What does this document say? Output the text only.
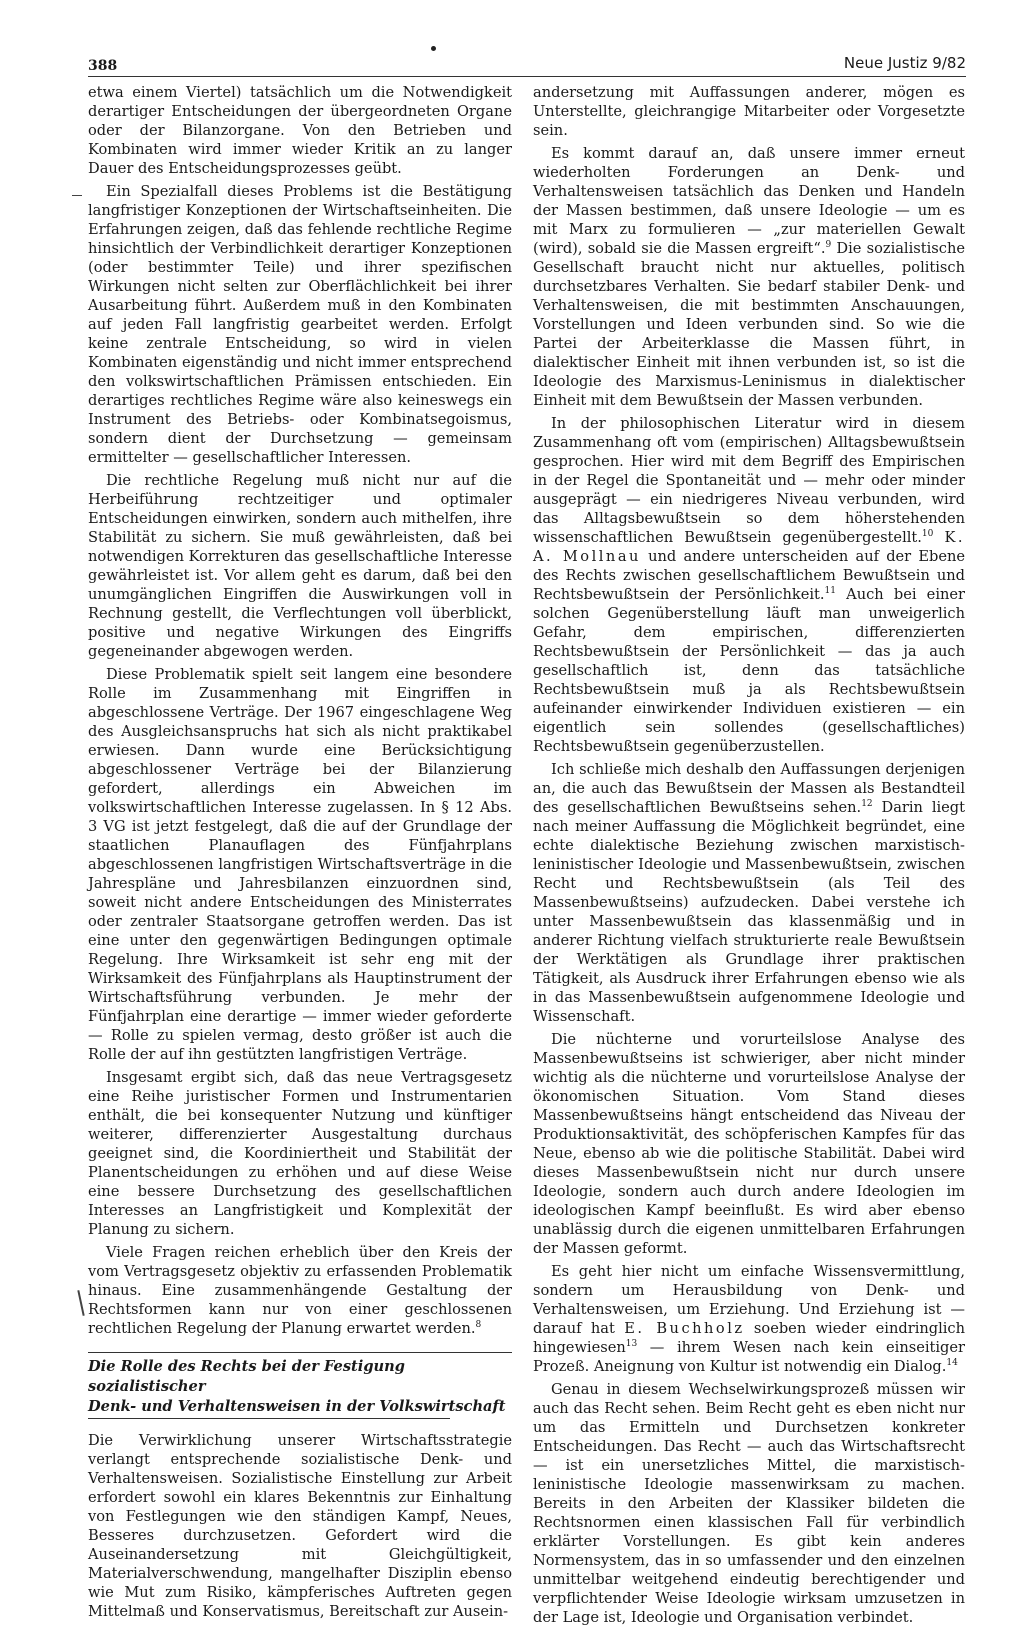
388	Neue Justiz 9/82

etwa einem Viertel) tatsächlich um die Notwendigkeit derartiger Entscheidungen der übergeordneten Organe oder der Bilanzorgane. Von den Betrieben und Kombinaten wird immer wieder Kritik an zu langer Dauer des Entscheidungsprozesses geübt.

Ein Spezialfall dieses Problems ist die Bestätigung langfristiger Konzeptionen der Wirtschaftseinheiten. Die Erfahrungen zeigen, daß das fehlende rechtliche Regime hinsichtlich der Verbindlichkeit derartiger Konzeptionen (oder bestimmter Teile) und ihrer spezifischen Wirkungen nicht selten zur Oberflächlichkeit bei ihrer Ausarbeitung führt. Außerdem muß in den Kombinaten auf jeden Fall langfristig gearbeitet werden. Erfolgt keine zentrale Entscheidung, so wird in vielen Kombinaten eigenständig und nicht immer entsprechend den volkswirtschaftlichen Prämissen entschieden. Ein derartiges rechtliches Regime wäre also keineswegs ein Instrument des Betriebs- oder Kombinatsegoismus, sondern dient der Durchsetzung — gemeinsam ermittelter — gesellschaftlicher Interessen.

Die rechtliche Regelung muß nicht nur auf die Herbeiführung rechtzeitiger und optimaler Entscheidungen einwirken, sondern auch mithelfen, ihre Stabilität zu sichern. Sie muß gewährleisten, daß bei notwendigen Korrekturen das gesellschaftliche Interesse gewährleistet ist. Vor allem geht es darum, daß bei den unumgänglichen Eingriffen die Auswirkungen voll in Rechnung gestellt, die Verflechtungen voll überblickt, positive und negative Wirkungen des Eingriffs gegeneinander abgewogen werden.

Diese Problematik spielt seit langem eine besondere Rolle im Zusammenhang mit Eingriffen in abgeschlossene Verträge. Der 1967 eingeschlagene Weg des Ausgleichsanspruchs hat sich als nicht praktikabel erwiesen. Dann wurde eine Berücksichtigung abgeschlossener Verträge bei der Bilanzierung gefordert, allerdings ein Abweichen im volkswirtschaftlichen Interesse zugelassen. In § 12 Abs. 3 VG ist jetzt festgelegt, daß die auf der Grundlage der staatlichen Planauflagen des Fünfjahrplans abgeschlossenen langfristigen Wirtschaftsverträge in die Jahrespläne und Jahresbilanzen einzuordnen sind, soweit nicht andere Entscheidungen des Ministerrates oder zentraler Staatsorgane getroffen werden. Das ist eine unter den gegenwärtigen Bedingungen optimale Regelung. Ihre Wirksamkeit ist sehr eng mit der Wirksamkeit des Fünfjahrplans als Hauptinstrument der Wirtschaftsführung verbunden. Je mehr der Fünfjahrplan eine derartige — immer wieder geforderte — Rolle zu spielen vermag, desto größer ist auch die Rolle der auf ihn gestützten langfristigen Verträge.

Insgesamt ergibt sich, daß das neue Vertragsgesetz eine Reihe juristischer Formen und Instrumentarien enthält, die bei konsequenter Nutzung und künftiger weiterer, differenzierter Ausgestaltung durchaus geeignet sind, die Koordiniertheit und Stabilität der Planentscheidungen zu erhöhen und auf diese Weise eine bessere Durchsetzung des gesellschaftlichen Interesses an Langfristigkeit und Komplexität der Planung zu sichern.

Viele Fragen reichen erheblich über den Kreis der vom Vertragsgesetz objektiv zu erfassenden Problematik hinaus. Eine zusammenhängende Gestaltung der Rechtsformen kann nur von einer geschlossenen rechtlichen Regelung der Planung erwartet werden.$^8$

Die Rolle des Rechts bei der Festigung sozialistischer
Denk- und Verhaltensweisen in der Volkswirtschaft

Die Verwirklichung unserer Wirtschaftsstrategie verlangt entsprechende sozialistische Denk- und Verhaltensweisen. Sozialistische Einstellung zur Arbeit erfordert sowohl ein klares Bekenntnis zur Einhaltung von Festlegungen wie den ständigen Kampf, Neues, Besseres durchzusetzen. Gefordert wird die Auseinandersetzung mit Gleichgültigkeit, Materialverschwendung, mangelhafter Disziplin ebenso wie Mut zum Risiko, kämpferisches Auftreten gegen Mittelmaß und Konservatismus, Bereitschaft zur Ausein-

andersetzung mit Auffassungen anderer, mögen es Unterstellte, gleichrangige Mitarbeiter oder Vorgesetzte sein.

Es kommt darauf an, daß unsere immer erneut wiederholten Forderungen an Denk- und Verhaltensweisen tatsächlich das Denken und Handeln der Massen bestimmen, daß unsere Ideologie — um es mit Marx zu formulieren — „zur materiellen Gewalt (wird), sobald sie die Massen ergreift“.$^9$ Die sozialistische Gesellschaft braucht nicht nur aktuelles, politisch durchsetzbares Verhalten. Sie bedarf stabiler Denk- und Verhaltensweisen, die mit bestimmten Anschauungen, Vorstellungen und Ideen verbunden sind. So wie die Partei der Arbeiterklasse die Massen führt, in dialektischer Einheit mit ihnen verbunden ist, so ist die Ideologie des Marxismus-Leninismus in dialektischer Einheit mit dem Bewußtsein der Massen verbunden.

In der philosophischen Literatur wird in diesem Zusammenhang oft vom (empirischen) Alltagsbewußtsein gesprochen. Hier wird mit dem Begriff des Empirischen in der Regel die Spontaneität und — mehr oder minder ausgeprägt — ein niedrigeres Niveau verbunden, wird das Alltagsbewußtsein so dem höherstehenden wissenschaftlichen Bewußtsein gegenübergestellt.$^{10}$ K. A. Mollnau und andere unterscheiden auf der Ebene des Rechts zwischen gesellschaftlichem Bewußtsein und Rechtsbewußtsein der Persönlichkeit.$^{11}$ Auch bei einer solchen Gegenüberstellung läuft man unweigerlich Gefahr, dem empirischen, differenzierten Rechtsbewußtsein der Persönlichkeit — das ja auch gesellschaftlich ist, denn das tatsächliche Rechtsbewußtsein muß ja als Rechtsbewußtsein aufeinander einwirkender Individuen existieren — ein eigentlich sein sollendes (gesellschaftliches) Rechtsbewußtsein gegenüberzustellen.

Ich schließe mich deshalb den Auffassungen derjenigen an, die auch das Bewußtsein der Massen als Bestandteil des gesellschaftlichen Bewußtseins sehen.$^{12}$ Darin liegt nach meiner Auffassung die Möglichkeit begründet, eine echte dialektische Beziehung zwischen marxistisch-leninistischer Ideologie und Massenbewußtsein, zwischen Recht und Rechtsbewußtsein (als Teil des Massenbewußtseins) aufzudecken. Dabei verstehe ich unter Massenbewußtsein das klassenmäßig und in anderer Richtung vielfach strukturierte reale Bewußtsein der Werktätigen als Grundlage ihrer praktischen Tätigkeit, als Ausdruck ihrer Erfahrungen ebenso wie als in das Massenbewußtsein aufgenommene Ideologie und Wissenschaft.

Die nüchterne und vorurteilslose Analyse des Massenbewußtseins ist schwieriger, aber nicht minder wichtig als die nüchterne und vorurteilslose Analyse der ökonomischen Situation. Vom Stand dieses Massenbewußtseins hängt entscheidend das Niveau der Produktionsaktivität, des schöpferischen Kampfes für das Neue, ebenso ab wie die politische Stabilität. Dabei wird dieses Massenbewußtsein nicht nur durch unsere Ideologie, sondern auch durch andere Ideologien im ideologischen Kampf beeinflußt. Es wird aber ebenso unablässig durch die eigenen unmittelbaren Erfahrungen der Massen geformt.

Es geht hier nicht um einfache Wissensvermittlung, sondern um Herausbildung von Denk- und Verhaltensweisen, um Erziehung. Und Erziehung ist — darauf hat E. Buchholz soeben wieder eindringlich hingewiesen$^{13}$ — ihrem Wesen nach kein einseitiger Prozeß. Aneignung von Kultur ist notwendig ein Dialog.$^{14}$

Genau in diesem Wechselwirkungsprozeß müssen wir auch das Recht sehen. Beim Recht geht es eben nicht nur um das Ermitteln und Durchsetzen konkreter Entscheidungen. Das Recht — auch das Wirtschaftsrecht — ist ein unersetzliches Mittel, die marxistisch-leninistische Ideologie massenwirksam zu machen. Bereits in den Arbeiten der Klassiker bildeten die Rechtsnormen einen klassischen Fall für verbindlich erklärter Vorstellungen. Es gibt kein anderes Normensystem, das in so umfassender und den einzelnen unmittelbar weitgehend eindeutig berechtigender und verpflichtender Weise Ideologie wirksam umzusetzen in der Lage ist, Ideologie und Organisation verbindet.
